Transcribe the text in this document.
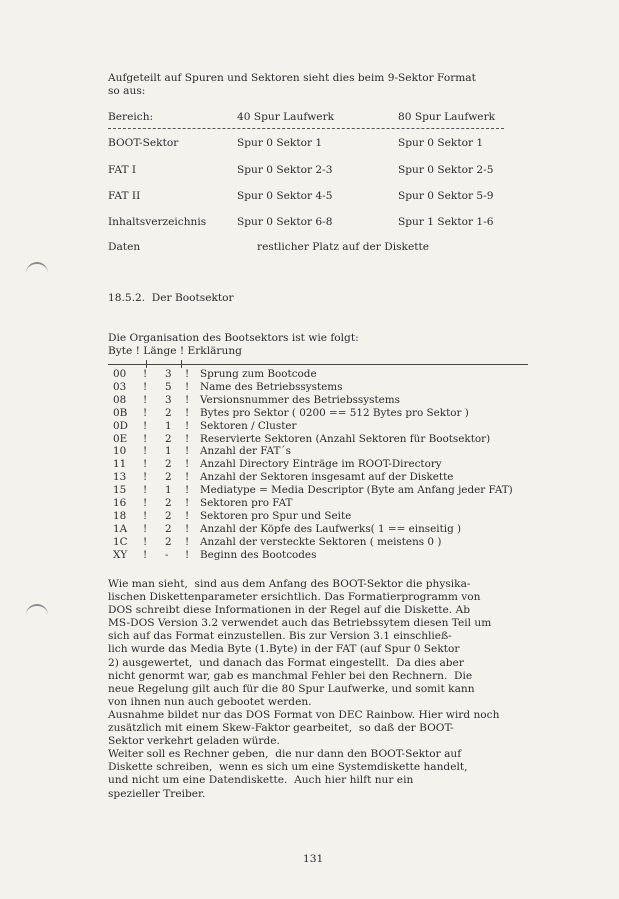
Aufgeteilt auf Spuren und Sektoren sieht dies beim 9-Sektor Format
so aus:
Bereich:	40 Spur Laufwerk	80 Spur Laufwerk
BOOT-Sektor	Spur 0 Sektor 1	Spur 0 Sektor 1
FAT I	Spur 0 Sektor 2-3	Spur 0 Sektor 2-5
FAT II	Spur 0 Sektor 4-5	Spur 0 Sektor 5-9
Inhaltsverzeichnis	Spur 0 Sektor 6-8	Spur 1 Sektor 1-6
Daten	restlicher Platz auf der Diskette
18.5.2.  Der Bootsektor
Die Organisation des Bootsektors ist wie folgt:
Byte ! Länge ! Erklärung
00 ! 3 ! Sprung zum Bootcode
03 ! 5 ! Name des Betriebssystems
08 ! 3 ! Versionsnummer des Betriebssystems
0B ! 2 ! Bytes pro Sektor ( 0200 == 512 Bytes pro Sektor )
0D ! 1 ! Sektoren / Cluster
0E ! 2 ! Reservierte Sektoren (Anzahl Sektoren für Bootsektor)
10 ! 1 ! Anzahl der FAT´s
11 ! 2 ! Anzahl Directory Einträge im ROOT-Directory
13 ! 2 ! Anzahl der Sektoren insgesamt auf der Diskette
15 ! 1 ! Mediatype = Media Descriptor (Byte am Anfang jeder FAT)
16 ! 2 ! Sektoren pro FAT
18 ! 2 ! Sektoren pro Spur und Seite
1A ! 2 ! Anzahl der Köpfe des Laufwerks( 1 == einseitig )
1C ! 2 ! Anzahl der versteckte Sektoren ( meistens 0 )
XY ! - ! Beginn des Bootcodes

Wie man sieht,  sind aus dem Anfang des BOOT-Sektor die physika-

lischen Diskettenparameter ersichtlich. Das Formatierprogramm von

DOS schreibt diese Informationen in der Regel auf die Diskette. Ab

MS-DOS Version 3.2 verwendet auch das Betriebssytem diesen Teil um

sich auf das Format einzustellen. Bis zur Version 3.1 einschließ-

lich wurde das Media Byte (1.Byte) in der FAT (auf Spur 0 Sektor

2) ausgewertet,  und danach das Format eingestellt.  Da dies aber

nicht genormt war, gab es manchmal Fehler bei den Rechnern.  Die

neue Regelung gilt auch für die 80 Spur Laufwerke, und somit kann

von ihnen nun auch gebootet werden.

Ausnahme bildet nur das DOS Format von DEC Rainbow. Hier wird noch

zusätzlich mit einem Skew-Faktor gearbeitet,  so daß der BOOT-

Sektor verkehrt geladen würde.

Weiter soll es Rechner geben,  die nur dann den BOOT-Sektor auf

Diskette schreiben,  wenn es sich um eine Systemdiskette handelt,

und nicht um eine Datendiskette.  Auch hier hilft nur ein

spezieller Treiber.

131
